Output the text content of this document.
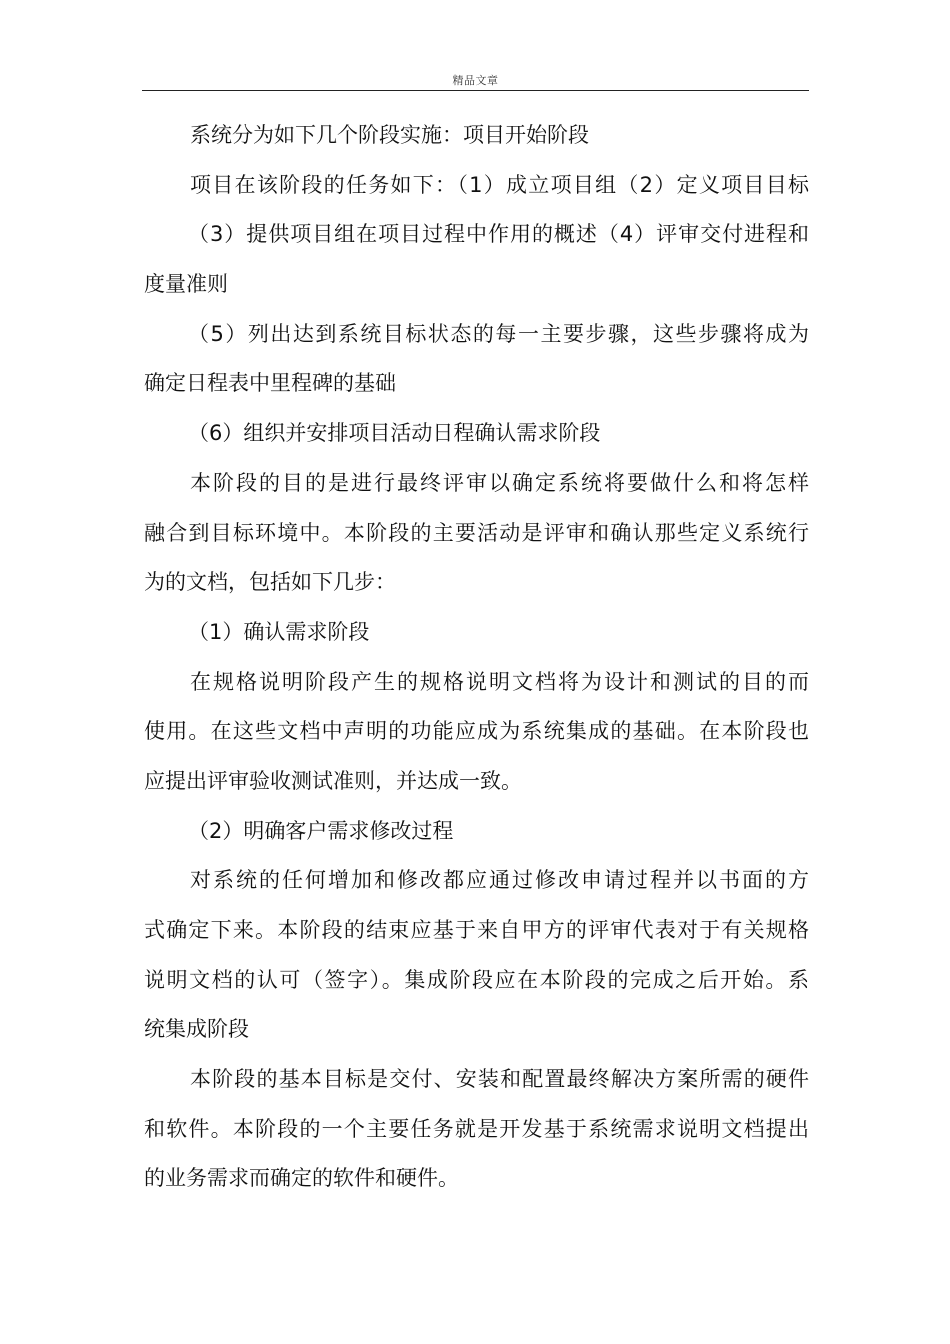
精品文章
系统分为如下几个阶段实施：项目开始阶段
项目在该阶段的任务如下：（1）成立项目组（2）定义项目目标
（3）提供项目组在项目过程中作用的概述（4）评审交付进程和
度量准则
（5）列出达到系统目标状态的每一主要步骤，这些步骤将成为
确定日程表中里程碑的基础
（6）组织并安排项目活动日程确认需求阶段
本阶段的目的是进行最终评审以确定系统将要做什么和将怎样
融合到目标环境中。本阶段的主要活动是评审和确认那些定义系统行
为的文档，包括如下几步：
（1）确认需求阶段
在规格说明阶段产生的规格说明文档将为设计和测试的目的而
使用。在这些文档中声明的功能应成为系统集成的基础。在本阶段也
应提出评审验收测试准则，并达成一致。
（2）明确客户需求修改过程
对系统的任何增加和修改都应通过修改申请过程并以书面的方
式确定下来。本阶段的结束应基于来自甲方的评审代表对于有关规格
说明文档的认可（签字）。集成阶段应在本阶段的完成之后开始。系
统集成阶段
本阶段的基本目标是交付、安装和配置最终解决方案所需的硬件
和软件。本阶段的一个主要任务就是开发基于系统需求说明文档提出
的业务需求而确定的软件和硬件。
